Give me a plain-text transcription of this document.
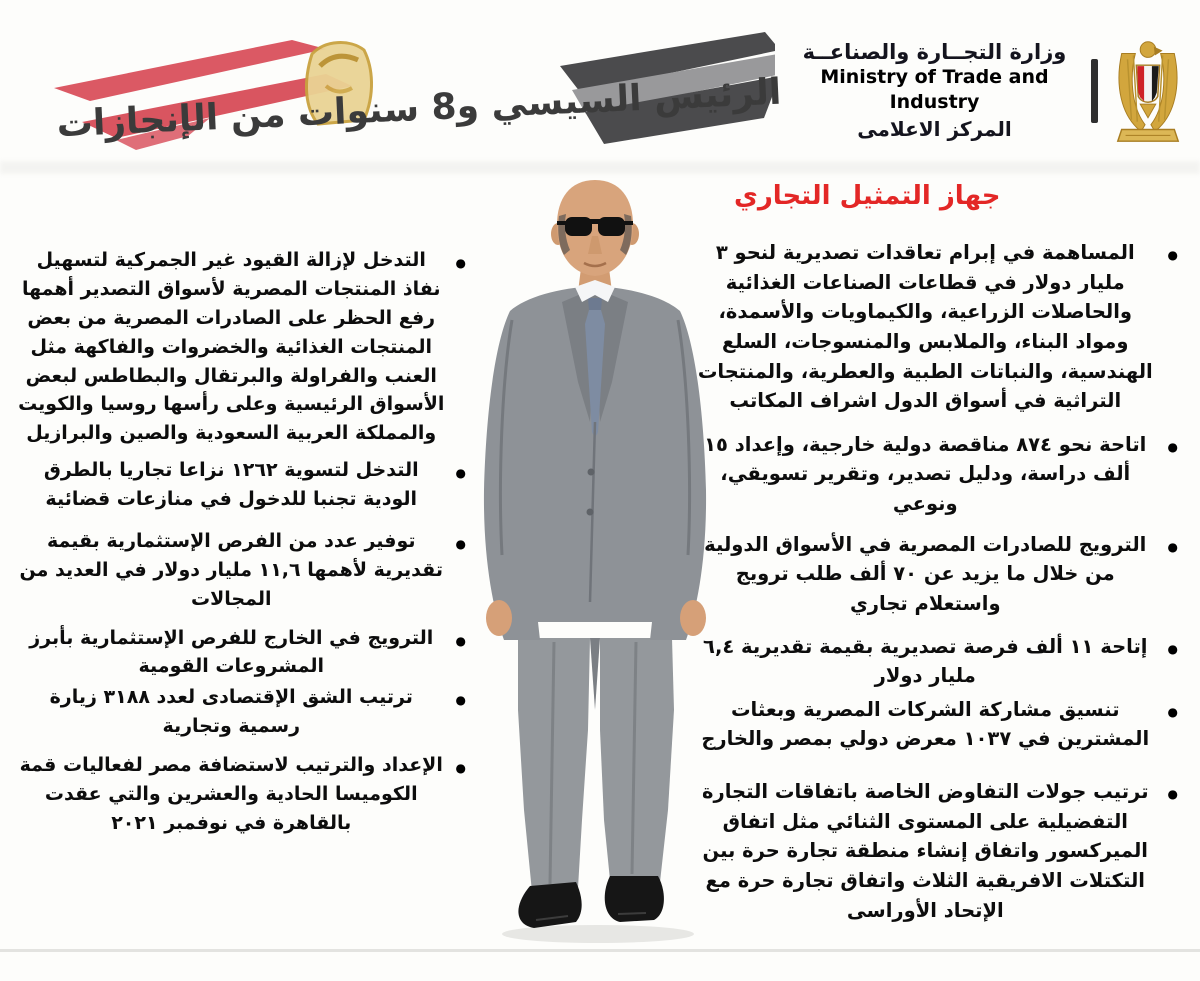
الرئيس السيسي و8 سنوات من الإنجازات
وزارة التجــارة والصناعــة
Ministry of Trade and Industry
المركز الاعلامى
جهاز التمثيل التجاري
●
المساهمة في إبرام تعاقدات تصديرية لنحو ٣ مليار دولار في قطاعات الصناعات الغذائية والحاصلات الزراعية، والكيماويات والأسمدة، ومواد البناء، والملابس والمنسوجات، السلع الهندسية، والنباتات الطبية والعطرية، والمنتجات التراثية في أسواق الدول اشراف المكاتب
●
اتاحة نحو ٨٧٤ مناقصة دولية خارجية، وإعداد ١٥ ألف دراسة، ودليل تصدير، وتقرير تسويقي، ونوعي
●
الترويج للصادرات المصرية في الأسواق الدولية من خلال ما يزيد عن ٧٠ ألف طلب ترويج واستعلام تجاري
●
إتاحة ١١ ألف فرصة تصديرية بقيمة تقديرية ٦,٤ مليار دولار
●
تنسيق مشاركة الشركات المصرية وبعثات المشترين في ١٠٣٧ معرض دولي بمصر والخارج
●
ترتيب جولات التفاوض الخاصة باتفاقات التجارة التفضيلية على المستوى الثنائي مثل اتفاق الميركسور واتفاق إنشاء منطقة تجارة حرة بين التكتلات الافريقية الثلاث واتفاق تجارة حرة مع الإتحاد الأوراسى
●
التدخل لإزالة القيود غير الجمركية لتسهيل نفاذ المنتجات المصرية لأسواق التصدير أهمها رفع الحظر على الصادرات المصرية من بعض المنتجات الغذائية والخضروات والفاكهة مثل العنب والفراولة والبرتقال والبطاطس لبعض الأسواق الرئيسية وعلى رأسها روسيا والكويت والمملكة العربية السعودية والصين والبرازيل
●
التدخل لتسوية ١٢٦٢ نزاعا تجاريا بالطرق الودية تجنبا للدخول في منازعات قضائية
●
توفير عدد من الفرص الإستثمارية بقيمة تقديرية لأهمها ١١,٦ مليار دولار في العديد من المجالات
●
الترويج في الخارج للفرص الإستثمارية بأبرز المشروعات القومية
●
ترتيب الشق الإقتصادى لعدد ٣١٨٨ زيارة رسمية وتجارية
●
الإعداد والترتيب لاستضافة مصر لفعاليات قمة الكوميسا الحادية والعشرين والتي عقدت بالقاهرة في نوفمبر ٢٠٢١
